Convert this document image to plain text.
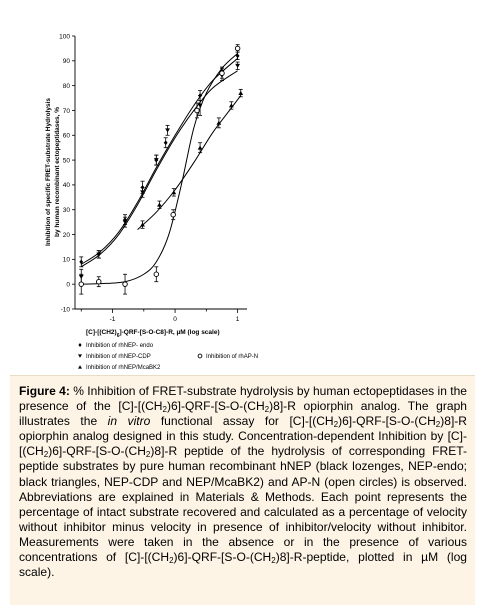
-10
0
10
20
30
40
50
60
70
80
90
100
-1	0	1
Inhibition of specific FRET-substrate Hydrolysis by human recombinant ectopeptidases, %
$[C]-[(CH2)_6]-QRF-[S-O-C8]-R$, µM (log scale)
Inhibition of rhNEP- endo
Inhibition of rhNEP-CDP
Inhibition of rhNEP/McaBK2
Inhibition of rhAP-N
Figure 4: % Inhibition of FRET-substrate hydrolysis by human ectopeptidases in the presence of the $[C]-[(CH_2)6]-QRF-[S-O-(CH_2)8]-R$ opiorphin analog. The graph illustrates the in vitro functional assay for $[C]-[(CH_2)6]-QRF-[S-O-(CH_2)8]-R$ opiorphin analog designed in this study. Concentration-dependent Inhibition by $[C]-[(CH_2)6]-QRF-[S-O-(CH_2)8]-R$ peptide of the hydrolysis of corresponding FRET-peptide substrates by pure human recombinant hNEP (black lozenges, NEP-endo; black triangles, NEP-CDP and NEP/McaBK2) and AP-N (open circles) is observed. Abbreviations are explained in Materials & Methods. Each point represents the percentage of intact substrate recovered and calculated as a percentage of velocity without inhibitor minus velocity in presence of inhibitor/velocity without inhibitor. Measurements were taken in the absence or in the presence of various concentrations of $[C]-[(CH_2)6]-QRF-[S-O-(CH_2)8]-R$-peptide, plotted in µM (log scale).
